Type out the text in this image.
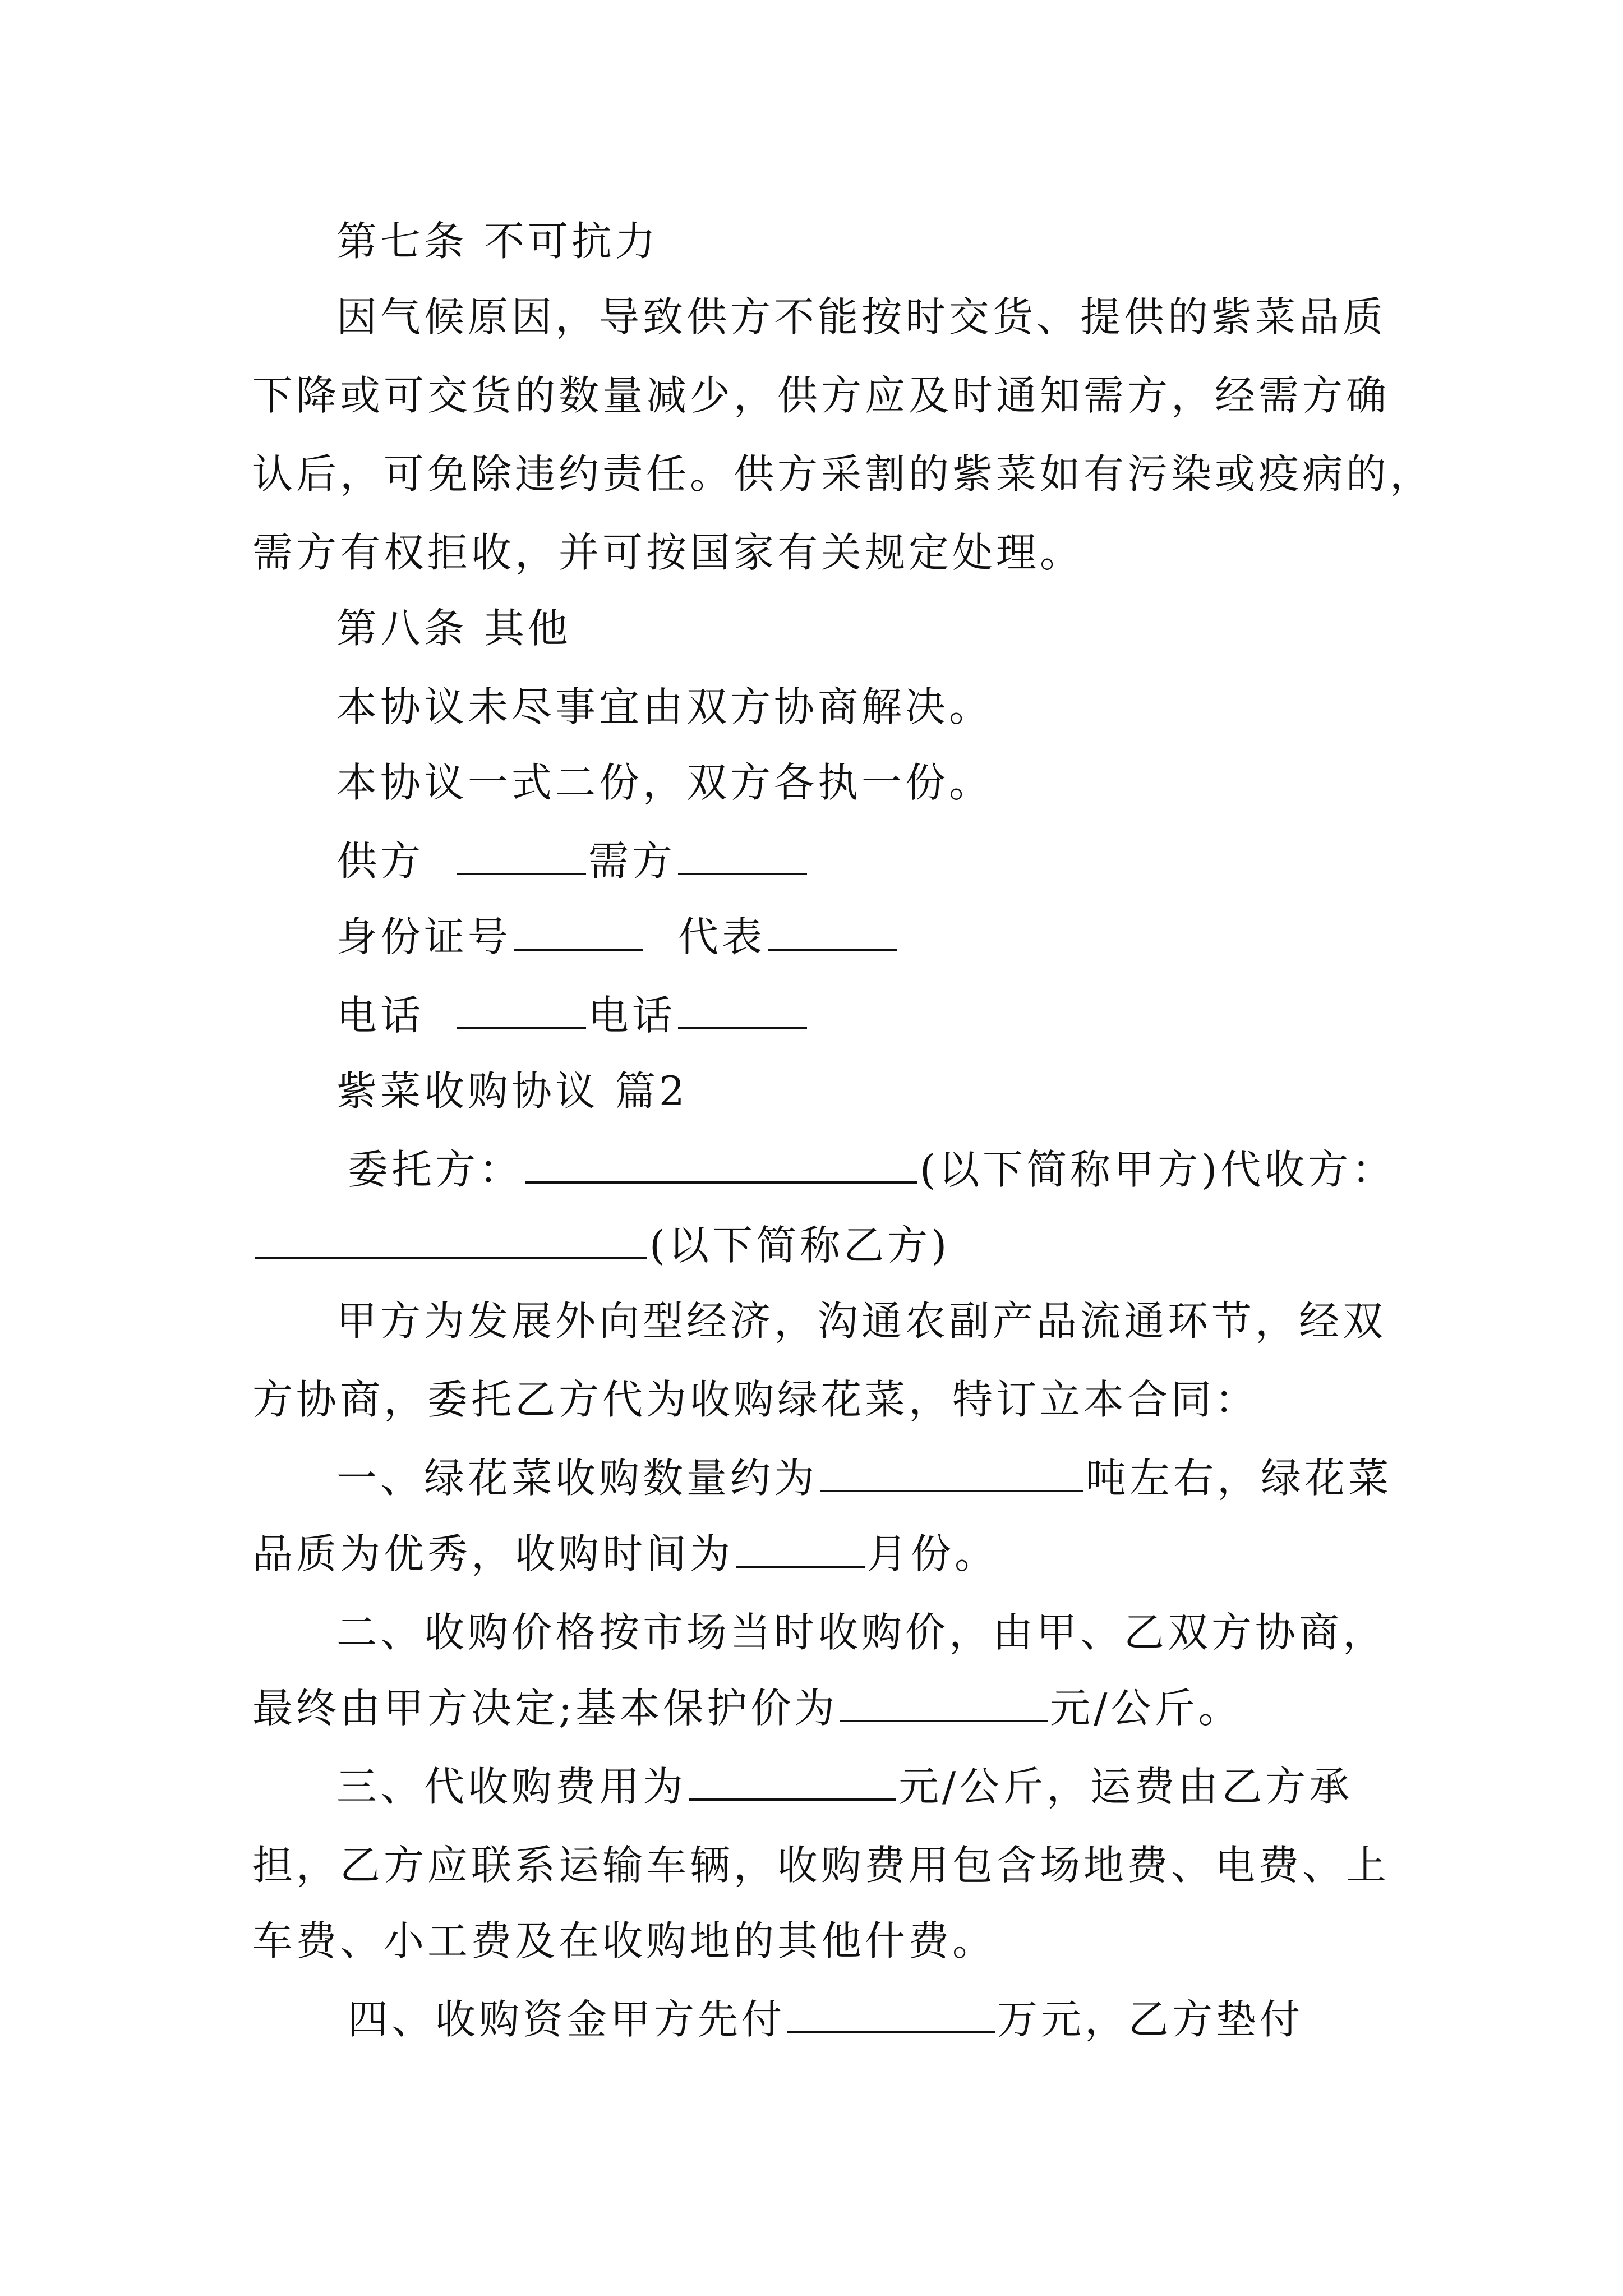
第七条 不可抗力
因气候原因，导致供方不能按时交货、提供的紫菜品质
下降或可交货的数量减少，供方应及时通知需方，经需方确
认后，可免除违约责任。供方采割的紫菜如有污染或疫病的，
需方有权拒收，并可按国家有关规定处理。
第八条 其他
本协议未尽事宜由双方协商解决。
本协议一式二份，双方各执一份。
供方	需方
身份证号	代表
电话	电话
紫菜收购协议 篇2
委托方：	(以下简称甲方)代收方：
(以下简称乙方)
甲方为发展外向型经济，沟通农副产品流通环节，经双
方协商，委托乙方代为收购绿花菜，特订立本合同：
一、绿花菜收购数量约为	吨左右，绿花菜
品质为优秀，收购时间为	月份。
二、收购价格按市场当时收购价，由甲、乙双方协商，
最终由甲方决定;基本保护价为	元/公斤。
三、代收购费用为	元/公斤，运费由乙方承
担，乙方应联系运输车辆，收购费用包含场地费、电费、上
车费、小工费及在收购地的其他什费。
四、收购资金甲方先付	万元，乙方垫付
